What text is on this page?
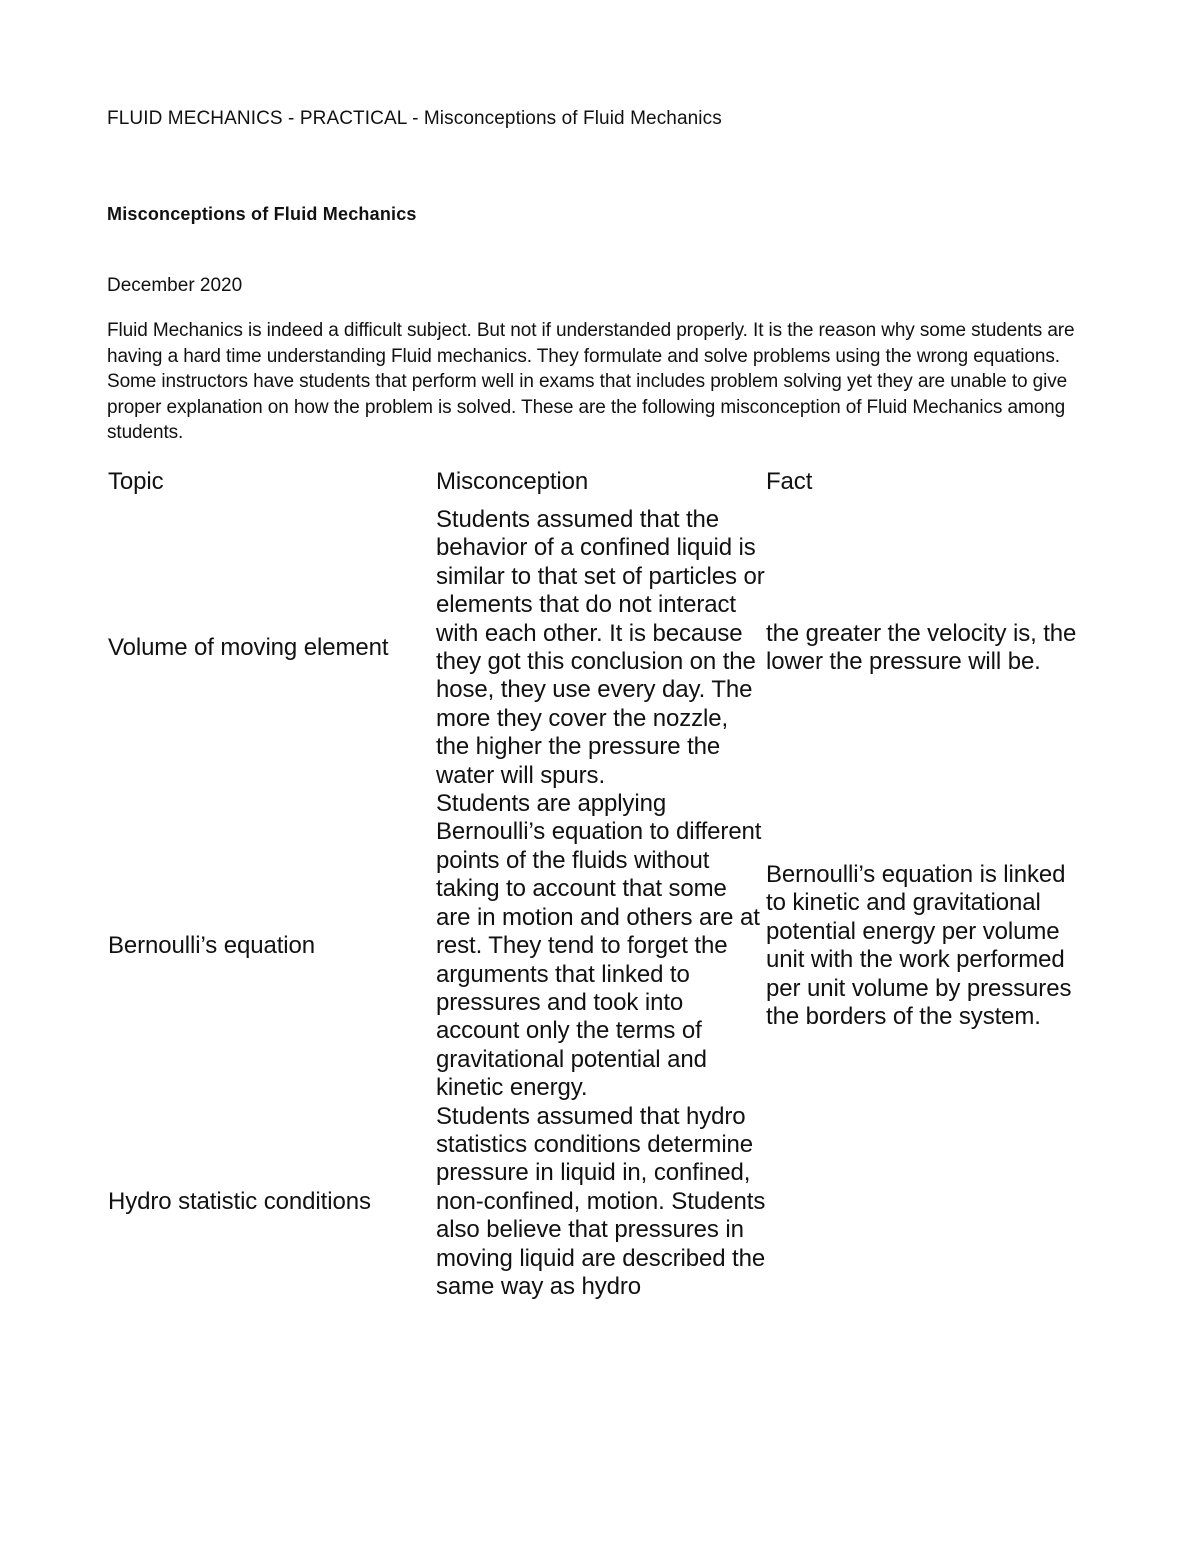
FLUID MECHANICS - PRACTICAL - Misconceptions of Fluid Mechanics
Misconceptions of Fluid Mechanics
December 2020
Fluid Mechanics is indeed a difficult subject. But not if understanded properly. It is the reason why some students are having a hard time understanding Fluid mechanics. They formulate and solve problems using the wrong equations. Some instructors have students that perform well in exams that includes problem solving yet they are unable to give proper explanation on how the problem is solved. These are the following misconception of Fluid Mechanics among students.
Topic	Misconception	Fact
Volume of moving element
Students assumed that the behavior of a confined liquid is similar to that set of particles or elements that do not interact with each other. It is because they got this conclusion on the hose, they use every day. The more they cover the nozzle, the higher the pressure the water will spurs.
the greater the velocity is, the lower the pressure will be.
Bernoulli’s equation
Students are applying Bernoulli’s equation to different points of the fluids without taking to account that some are in motion and others are at rest. They tend to forget the arguments that linked to pressures and took into account only the terms of gravitational potential and kinetic energy.
Bernoulli’s equation is linked to kinetic and gravitational potential energy per volume unit with the work performed per unit volume by pressures the borders of the system.
Hydro statistic conditions
Students assumed that hydro statistics conditions determine pressure in liquid in, confined, non-confined, motion. Students also believe that pressures in moving liquid are described the same way as hydro
